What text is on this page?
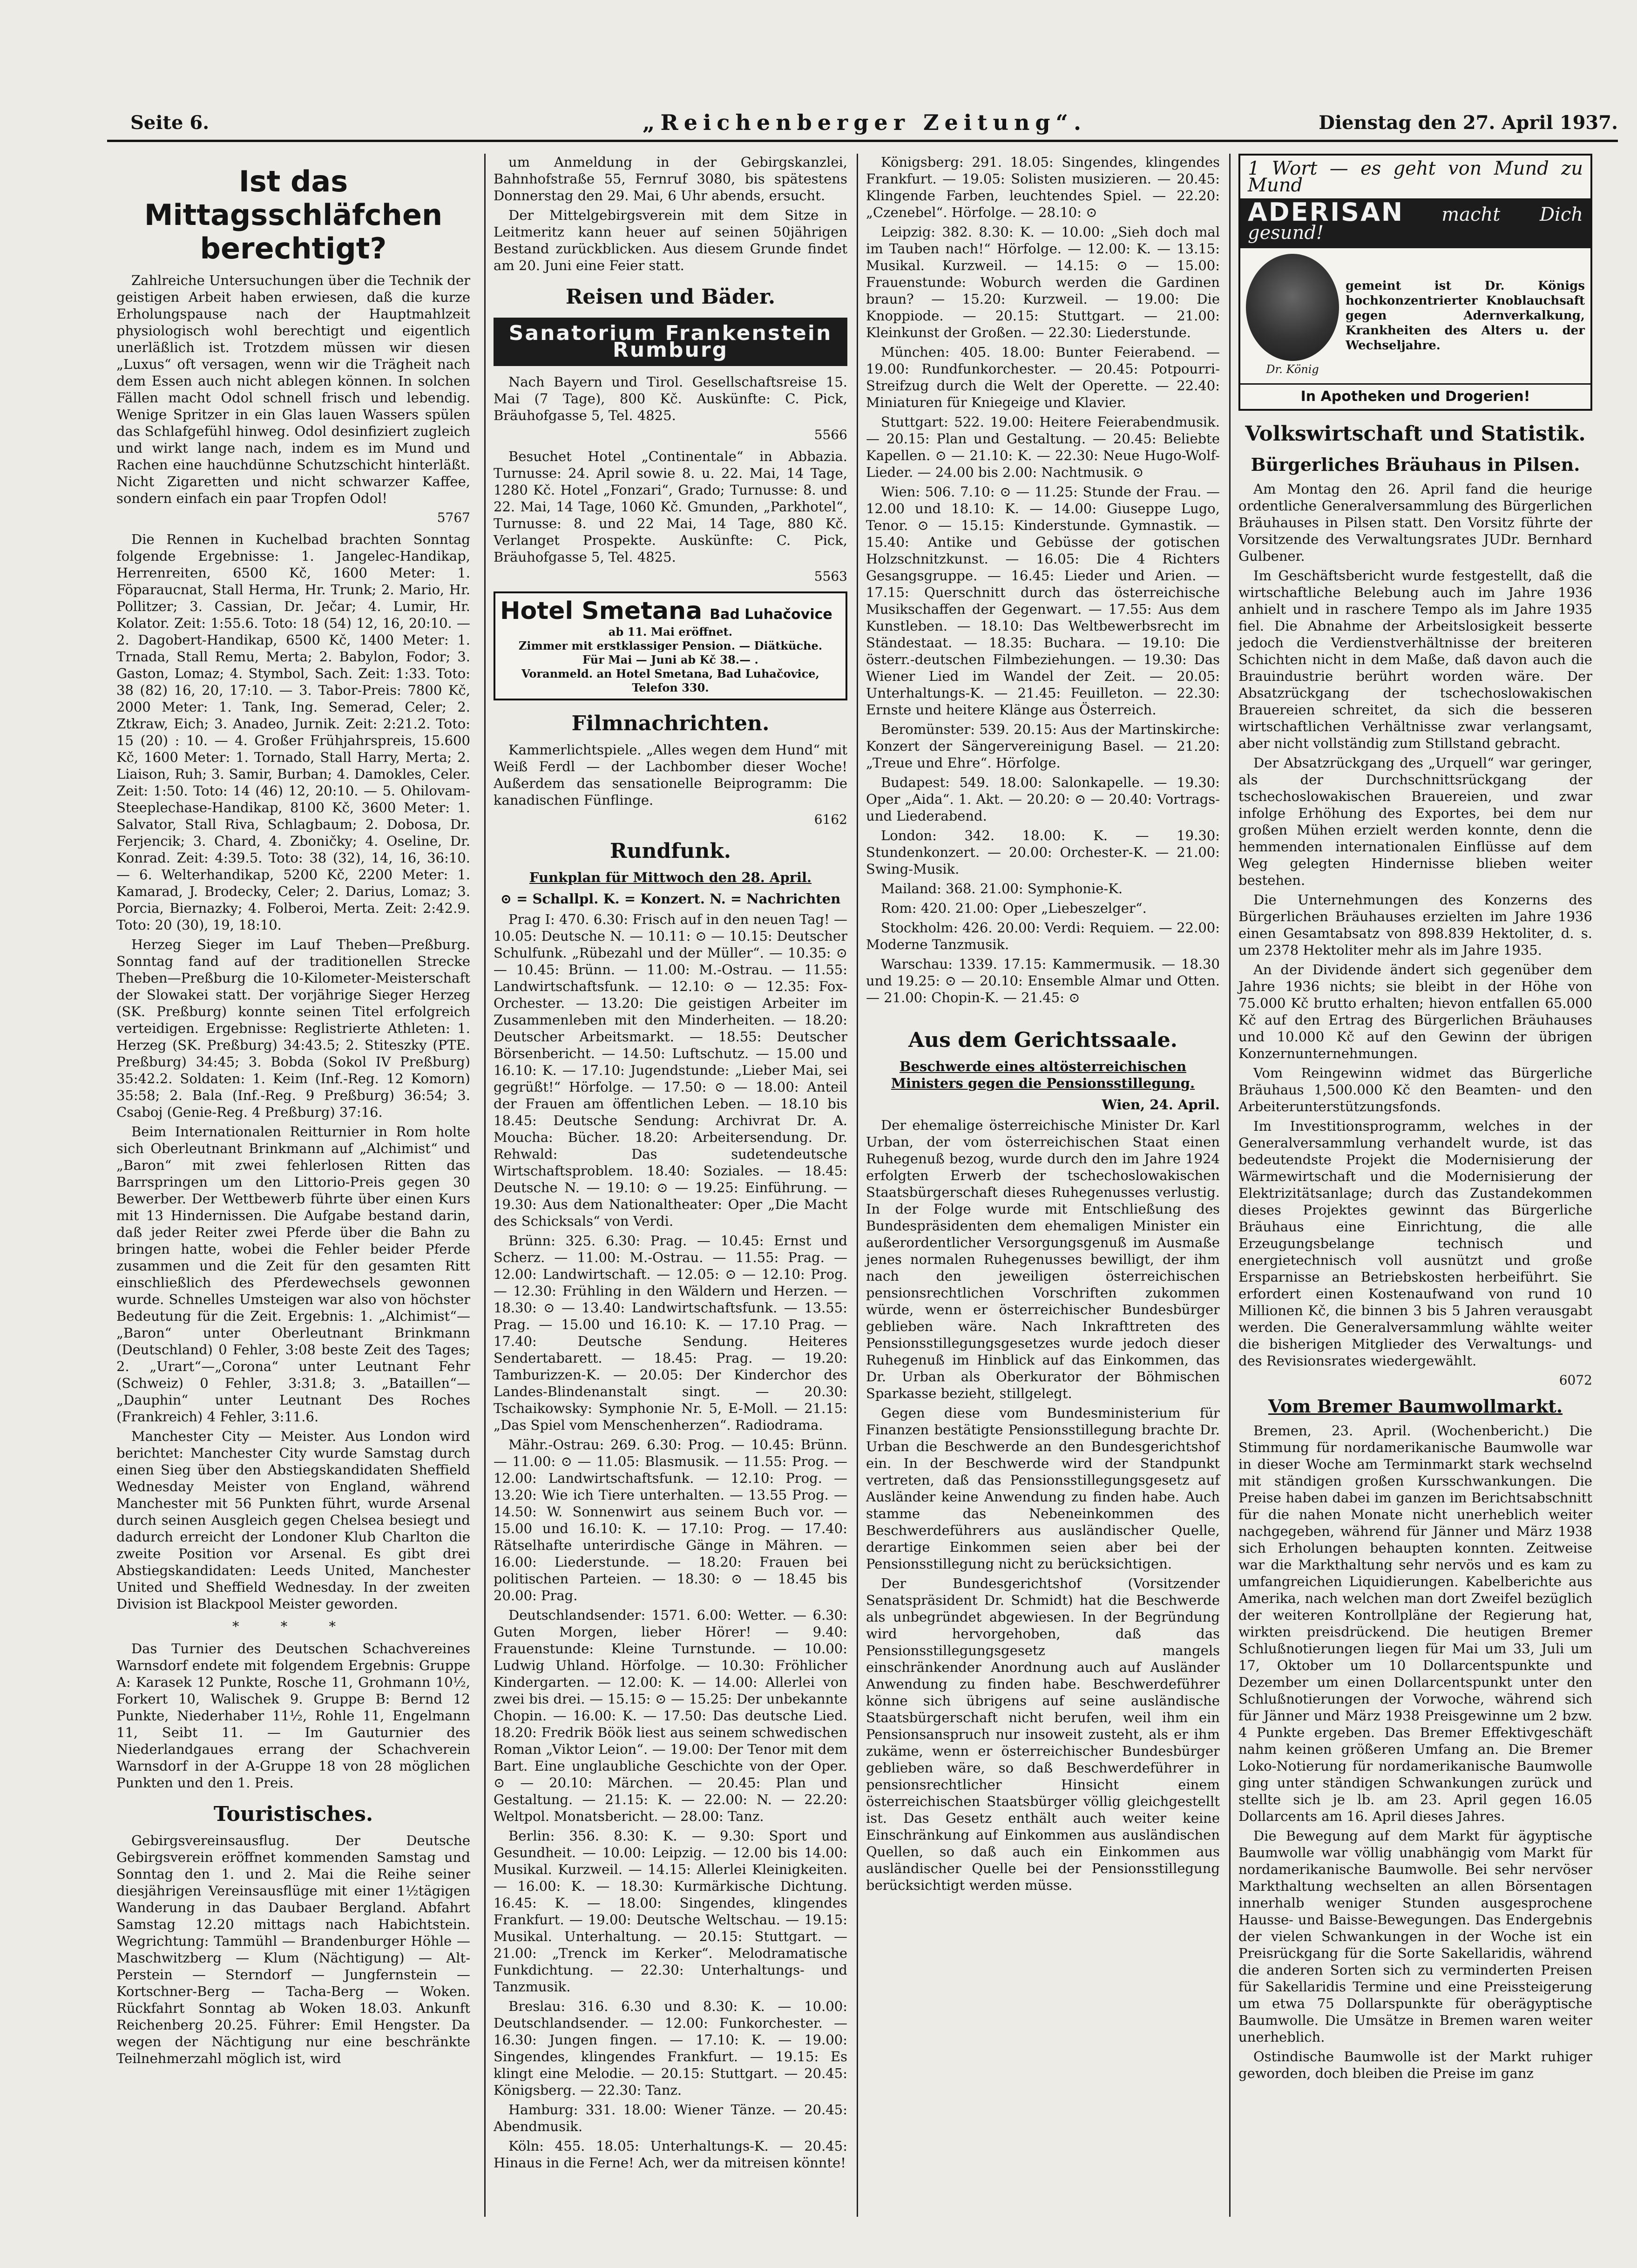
Seite 6.	„Reichenberger Zeitung“.	Dienstag den 27. April 1937.
Ist das Mittagsschläfchen berechtigt?

Zahlreiche Untersuchungen über die Technik der geistigen Arbeit haben erwiesen, daß die kurze Erholungspause nach der Hauptmahlzeit physiologisch wohl berechtigt und eigentlich unerläßlich ist. Trotzdem müssen wir diesen „Luxus“ oft versagen, wenn wir die Trägheit nach dem Essen auch nicht ablegen können. In solchen Fällen macht Odol schnell frisch und lebendig. Wenige Spritzer in ein Glas lauen Wassers spülen das Schlafgefühl hinweg. Odol desinfiziert zugleich und wirkt lange nach, indem es im Mund und Rachen eine hauchdünne Schutzschicht hinterläßt. Nicht Zigaretten und nicht schwarzer Kaffee, sondern einfach ein paar Tropfen Odol!

5767

Die Rennen in Kuchelbad brachten Sonntag folgende Ergebnisse: 1. Jangelec-Handikap, Herrenreiten, 6500 Kč, 1600 Meter: 1. Föparaucnat, Stall Herma, Hr. Trunk; 2. Mario, Hr. Pollitzer; 3. Cassian, Dr. Ječar; 4. Lumir, Hr. Kolator. Zeit: 1:55.6. Toto: 18 (54) 12, 16, 20:10. — 2. Dagobert-Handikap, 6500 Kč, 1400 Meter: 1. Trnada, Stall Remu, Merta; 2. Babylon, Fodor; 3. Gaston, Lomaz; 4. Stymbol, Sach. Zeit: 1:33. Toto: 38 (82) 16, 20, 17:10. — 3. Tabor-Preis: 7800 Kč, 2000 Meter: 1. Tank, Ing. Semerad, Celer; 2. Ztkraw, Eich; 3. Anadeo, Jurnik. Zeit: 2:21.2. Toto: 15 (20) : 10. — 4. Großer Frühjahrspreis, 15.600 Kč, 1600 Meter: 1. Tornado, Stall Harry, Merta; 2. Liaison, Ruh; 3. Samir, Burban; 4. Damokles, Celer. Zeit: 1:50. Toto: 14 (46) 12, 20:10. — 5. Ohilovam-Steeplechase-Handikap, 8100 Kč, 3600 Meter: 1. Salvator, Stall Riva, Schlagbaum; 2. Dobosa, Dr. Ferjencik; 3. Chard, 4. Zboničky; 4. Oseline, Dr. Konrad. Zeit: 4:39.5. Toto: 38 (32), 14, 16, 36:10. — 6. Welterhandikap, 5200 Kč, 2200 Meter: 1. Kamarad, J. Brodecky, Celer; 2. Darius, Lomaz; 3. Porcia, Biernazky; 4. Folberoi, Merta. Zeit: 2:42.9. Toto: 20 (30), 19, 18:10.

Herzeg Sieger im Lauf Theben—Preßburg. Sonntag fand auf der traditionellen Strecke Theben—Preßburg die 10-Kilometer-Meisterschaft der Slowakei statt. Der vorjährige Sieger Herzeg (SK. Preßburg) konnte seinen Titel erfolgreich verteidigen. Ergebnisse: Reglistrierte Athleten: 1. Herzeg (SK. Preßburg) 34:43.5; 2. Stiteszky (PTE. Preßburg) 34:45; 3. Bobda (Sokol IV Preßburg) 35:42.2. Soldaten: 1. Keim (Inf.-Reg. 12 Komorn) 35:58; 2. Bala (Inf.-Reg. 9 Preßburg) 36:54; 3. Csaboj (Genie-Reg. 4 Preßburg) 37:16.

Beim Internationalen Reitturnier in Rom holte sich Oberleutnant Brinkmann auf „Alchimist“ und „Baron“ mit zwei fehlerlosen Ritten das Barrspringen um den Littorio-Preis gegen 30 Bewerber. Der Wettbewerb führte über einen Kurs mit 13 Hindernissen. Die Aufgabe bestand darin, daß jeder Reiter zwei Pferde über die Bahn zu bringen hatte, wobei die Fehler beider Pferde zusammen und die Zeit für den gesamten Ritt einschließlich des Pferdewechsels gewonnen wurde. Schnelles Umsteigen war also von höchster Bedeutung für die Zeit. Ergebnis: 1. „Alchimist“—„Baron“ unter Oberleutnant Brinkmann (Deutschland) 0 Fehler, 3:08 beste Zeit des Tages; 2. „Urart“—„Corona“ unter Leutnant Fehr (Schweiz) 0 Fehler, 3:31.8; 3. „Bataillen“—„Dauphin“ unter Leutnant Des Roches (Frankreich) 4 Fehler, 3:11.6.

Manchester City — Meister. Aus London wird berichtet: Manchester City wurde Samstag durch einen Sieg über den Abstiegskandidaten Sheffield Wednesday Meister von England, während Manchester mit 56 Punkten führt, wurde Arsenal durch seinen Ausgleich gegen Chelsea besiegt und dadurch erreicht der Londoner Klub Charlton die zweite Position vor Arsenal. Es gibt drei Abstiegskandidaten: Leeds United, Manchester United und Sheffield Wednesday. In der zweiten Division ist Blackpool Meister geworden.

* * *

Das Turnier des Deutschen Schachvereines Warnsdorf endete mit folgendem Ergebnis: Gruppe A: Karasek 12 Punkte, Rosche 11, Grohmann 10½, Forkert 10, Walischek 9. Gruppe B: Bernd 12 Punkte, Niederhaber 11½, Rohle 11, Engelmann 11, Seibt 11. — Im Gauturnier des Niederlandgaues errang der Schachverein Warnsdorf in der A-Gruppe 18 von 28 möglichen Punkten und den 1. Preis.

Touristisches.

Gebirgsvereinsausflug. Der Deutsche Gebirgsverein eröffnet kommenden Samstag und Sonntag den 1. und 2. Mai die Reihe seiner diesjährigen Vereinsausflüge mit einer 1½tägigen Wanderung in das Daubaer Bergland. Abfahrt Samstag 12.20 mittags nach Habichtstein. Wegrichtung: Tammühl — Brandenburger Höhle — Maschwitzberg — Klum (Nächtigung) — Alt-Perstein — Sterndorf — Jungfernstein — Kortschner-Berg — Tacha-Berg — Woken. Rückfahrt Sonntag ab Woken 18.03. Ankunft Reichenberg 20.25. Führer: Emil Hengster. Da wegen der Nächtigung nur eine beschränkte Teilnehmerzahl möglich ist, wird

um Anmeldung in der Gebirgskanzlei, Bahnhofstraße 55, Fernruf 3080, bis spätestens Donnerstag den 29. Mai, 6 Uhr abends, ersucht.

Der Mittelgebirgsverein mit dem Sitze in Leitmeritz kann heuer auf seinen 50jährigen Bestand zurückblicken. Aus diesem Grunde findet am 20. Juni eine Feier statt.

Reisen und Bäder.
Sanatorium Frankenstein Rumburg

Nach Bayern und Tirol. Gesellschaftsreise 15. Mai (7 Tage), 800 Kč. Auskünfte: C. Pick, Bräuhofgasse 5, Tel. 4825.

5566

Besuchet Hotel „Continentale“ in Abbazia. Turnusse: 24. April sowie 8. u. 22. Mai, 14 Tage, 1280 Kč. Hotel „Fonzari“, Grado; Turnusse: 8. und 22. Mai, 14 Tage, 1060 Kč. Gmunden, „Parkhotel“, Turnusse: 8. und 22 Mai, 14 Tage, 880 Kč. Verlanget Prospekte. Auskünfte: C. Pick, Bräuhofgasse 5, Tel. 4825.

5563
Hotel Smetana Bad Luhačovice
ab 11. Mai eröffnet.
Zimmer mit erstklassiger Pension. — Diätküche.
Für Mai — Juni ab Kč 38.— .
Voranmeld. an Hotel Smetana, Bad Luhačovice,
Telefon 330.
Filmnachrichten.

Kammerlichtspiele. „Alles wegen dem Hund“ mit Weiß Ferdl — der Lachbomber dieser Woche! Außerdem das sensationelle Beiprogramm: Die kanadischen Fünflinge.

6162
Rundfunk.
Funkplan für Mittwoch den 28. April.
⊙ = Schallpl. K. = Konzert. N. = Nachrichten

Prag I: 470. 6.30: Frisch auf in den neuen Tag! — 10.05: Deutsche N. — 10.11: ⊙ — 10.15: Deutscher Schulfunk. „Rübezahl und der Müller“. — 10.35: ⊙ — 10.45: Brünn. — 11.00: M.-Ostrau. — 11.55: Landwirtschaftsfunk. — 12.10: ⊙ — 12.35: Fox-Orchester. — 13.20: Die geistigen Arbeiter im Zusammenleben mit den Minderheiten. — 18.20: Deutscher Arbeitsmarkt. — 18.55: Deutscher Börsenbericht. — 14.50: Luftschutz. — 15.00 und 16.10: K. — 17.10: Jugendstunde: „Lieber Mai, sei gegrüßt!“ Hörfolge. — 17.50: ⊙ — 18.00: Anteil der Frauen am öffentlichen Leben. — 18.10 bis 18.45: Deutsche Sendung: Archivrat Dr. A. Moucha: Bücher. 18.20: Arbeitersendung. Dr. Rehwald: Das sudetendeutsche Wirtschaftsproblem. 18.40: Soziales. — 18.45: Deutsche N. — 19.10: ⊙ — 19.25: Einführung. — 19.30: Aus dem Nationaltheater: Oper „Die Macht des Schicksals“ von Verdi.

Brünn: 325. 6.30: Prag. — 10.45: Ernst und Scherz. — 11.00: M.-Ostrau. — 11.55: Prag. — 12.00: Landwirtschaft. — 12.05: ⊙ — 12.10: Prog. — 12.30: Frühling in den Wäldern und Herzen. — 18.30: ⊙ — 13.40: Landwirtschaftsfunk. — 13.55: Prag. — 15.00 und 16.10: K. — 17.10 Prag. — 17.40: Deutsche Sendung. Heiteres Sendertabarett. — 18.45: Prag. — 19.20: Tamburizzen-K. — 20.05: Der Kinderchor des Landes-Blindenanstalt singt. — 20.30: Tschaikowsky: Symphonie Nr. 5, E-Moll. — 21.15: „Das Spiel vom Menschenherzen“. Radiodrama.

Mähr.-Ostrau: 269. 6.30: Prog. — 10.45: Brünn. — 11.00: ⊙ — 11.05: Blasmusik. — 11.55: Prog. — 12.00: Landwirtschaftsfunk. — 12.10: Prog. — 13.20: Wie ich Tiere unterhalten. — 13.55 Prog. — 14.50: W. Sonnenwirt aus seinem Buch vor. — 15.00 und 16.10: K. — 17.10: Prog. — 17.40: Rätselhafte unterirdische Gänge in Mähren. — 16.00: Liederstunde. — 18.20: Frauen bei politischen Parteien. — 18.30: ⊙ — 18.45 bis 20.00: Prag.

Deutschlandsender: 1571. 6.00: Wetter. — 6.30: Guten Morgen, lieber Hörer! — 9.40: Frauenstunde: Kleine Turnstunde. — 10.00: Ludwig Uhland. Hörfolge. — 10.30: Fröhlicher Kindergarten. — 12.00: K. — 14.00: Allerlei von zwei bis drei. — 15.15: ⊙ — 15.25: Der unbekannte Chopin. — 16.00: K. — 17.50: Das deutsche Lied. 18.20: Fredrik Böök liest aus seinem schwedischen Roman „Viktor Leion“. — 19.00: Der Tenor mit dem Bart. Eine unglaubliche Geschichte von der Oper. ⊙ — 20.10: Märchen. — 20.45: Plan und Gestaltung. — 21.15: K. — 22.00: N. — 22.20: Weltpol. Monatsbericht. — 28.00: Tanz.

Berlin: 356. 8.30: K. — 9.30: Sport und Gesundheit. — 10.00: Leipzig. — 12.00 bis 14.00: Musikal. Kurzweil. — 14.15: Allerlei Kleinigkeiten. — 16.00: K. — 18.30: Kurmärkische Dichtung. 16.45: K. — 18.00: Singendes, klingendes Frankfurt. — 19.00: Deutsche Weltschau. — 19.15: Musikal. Unterhaltung. — 20.15: Stuttgart. — 21.00: „Trenck im Kerker“. Melodramatische Funkdichtung. — 22.30: Unterhaltungs- und Tanzmusik.

Breslau: 316. 6.30 und 8.30: K. — 10.00: Deutschlandsender. — 12.00: Funkorchester. — 16.30: Jungen fingen. — 17.10: K. — 19.00: Singendes, klingendes Frankfurt. — 19.15: Es klingt eine Melodie. — 20.15: Stuttgart. — 20.45: Königsberg. — 22.30: Tanz.

Hamburg: 331. 18.00: Wiener Tänze. — 20.45: Abendmusik.

Köln: 455. 18.05: Unterhaltungs-K. — 20.45: Hinaus in die Ferne! Ach, wer da mitreisen könnte!

Königsberg: 291. 18.05: Singendes, klingendes Frankfurt. — 19.05: Solisten musizieren. — 20.45: Klingende Farben, leuchtendes Spiel. — 22.20: „Czenebel“. Hörfolge. — 28.10: ⊙

Leipzig: 382. 8.30: K. — 10.00: „Sieh doch mal im Tauben nach!“ Hörfolge. — 12.00: K. — 13.15: Musikal. Kurzweil. — 14.15: ⊙ — 15.00: Frauenstunde: Woburch werden die Gardinen braun? — 15.20: Kurzweil. — 19.00: Die Knoppiode. — 20.15: Stuttgart. — 21.00: Kleinkunst der Großen. — 22.30: Liederstunde.

München: 405. 18.00: Bunter Feierabend. — 19.00: Rundfunkorchester. — 20.45: Potpourri-Streifzug durch die Welt der Operette. — 22.40: Miniaturen für Kniegeige und Klavier.

Stuttgart: 522. 19.00: Heitere Feierabendmusik. — 20.15: Plan und Gestaltung. — 20.45: Beliebte Kapellen. ⊙ — 21.10: K. — 22.30: Neue Hugo-Wolf-Lieder. — 24.00 bis 2.00: Nachtmusik. ⊙

Wien: 506. 7.10: ⊙ — 11.25: Stunde der Frau. — 12.00 und 18.10: K. — 14.00: Giuseppe Lugo, Tenor. ⊙ — 15.15: Kinderstunde. Gymnastik. — 15.40: Antike und Gebüsse der gotischen Holzschnitzkunst. — 16.05: Die 4 Richters Gesangsgruppe. — 16.45: Lieder und Arien. — 17.15: Querschnitt durch das österreichische Musikschaffen der Gegenwart. — 17.55: Aus dem Kunstleben. — 18.10: Das Weltbewerbsrecht im Ständestaat. — 18.35: Buchara. — 19.10: Die österr.-deutschen Filmbeziehungen. — 19.30: Das Wiener Lied im Wandel der Zeit. — 20.05: Unterhaltungs-K. — 21.45: Feuilleton. — 22.30: Ernste und heitere Klänge aus Österreich.

Beromünster: 539. 20.15: Aus der Martinskirche: Konzert der Sängervereinigung Basel. — 21.20: „Treue und Ehre“. Hörfolge.

Budapest: 549. 18.00: Salonkapelle. — 19.30: Oper „Aida“. 1. Akt. — 20.20: ⊙ — 20.40: Vortrags- und Liederabend.

London: 342. 18.00: K. — 19.30: Stundenkonzert. — 20.00: Orchester-K. — 21.00: Swing-Musik.

Mailand: 368. 21.00: Symphonie-K.

Rom: 420. 21.00: Oper „Liebeszelger“.

Stockholm: 426. 20.00: Verdi: Requiem. — 22.00: Moderne Tanzmusik.

Warschau: 1339. 17.15: Kammermusik. — 18.30 und 19.25: ⊙ — 20.10: Ensemble Almar und Otten. — 21.00: Chopin-K. — 21.45: ⊙

Aus dem Gerichtssaale.
Beschwerde eines altösterreichischen Ministers gegen die Pensionsstillegung.
Wien, 24. April.

Der ehemalige österreichische Minister Dr. Karl Urban, der vom österreichischen Staat einen Ruhegenuß bezog, wurde durch den im Jahre 1924 erfolgten Erwerb der tschechoslowakischen Staatsbürgerschaft dieses Ruhegenusses verlustig. In der Folge wurde mit Entschließung des Bundespräsidenten dem ehemaligen Minister ein außerordentlicher Versorgungsgenuß im Ausmaße jenes normalen Ruhegenusses bewilligt, der ihm nach den jeweiligen österreichischen pensionsrechtlichen Vorschriften zukommen würde, wenn er österreichischer Bundesbürger geblieben wäre. Nach Inkrafttreten des Pensionsstillegungsgesetzes wurde jedoch dieser Ruhegenuß im Hinblick auf das Einkommen, das Dr. Urban als Oberkurator der Böhmischen Sparkasse bezieht, stillgelegt.

Gegen diese vom Bundesministerium für Finanzen bestätigte Pensionsstillegung brachte Dr. Urban die Beschwerde an den Bundesgerichtshof ein. In der Beschwerde wird der Standpunkt vertreten, daß das Pensionsstillegungsgesetz auf Ausländer keine Anwendung zu finden habe. Auch stamme das Nebeneinkommen des Beschwerdeführers aus ausländischer Quelle, derartige Einkommen seien aber bei der Pensionsstillegung nicht zu berücksichtigen.

Der Bundesgerichtshof (Vorsitzender Senatspräsident Dr. Schmidt) hat die Beschwerde als unbegründet abgewiesen. In der Begründung wird hervorgehoben, daß das Pensionsstillegungsgesetz mangels einschränkender Anordnung auch auf Ausländer Anwendung zu finden habe. Beschwerdeführer könne sich übrigens auf seine ausländische Staatsbürgerschaft nicht berufen, weil ihm ein Pensionsanspruch nur insoweit zusteht, als er ihm zukäme, wenn er österreichischer Bundesbürger geblieben wäre, so daß Beschwerdeführer in pensionsrechtlicher Hinsicht einem österreichischen Staatsbürger völlig gleichgestellt ist. Das Gesetz enthält auch weiter keine Einschränkung auf Einkommen aus ausländischen Quellen, so daß auch ein Einkommen aus ausländischer Quelle bei der Pensionsstillegung berücksichtigt werden müsse.

1 Wort — es geht von Mund zu Mund
ADERISAN macht Dich gesund!
Dr. König
gemeint ist Dr. Königs hochkonzentrierter Knoblauchsaft gegen Adernverkalkung, Krankheiten des Alters u. der Wechseljahre.
In Apotheken und Drogerien!
Volkswirtschaft und Statistik.
Bürgerliches Bräuhaus in Pilsen.

Am Montag den 26. April fand die heurige ordentliche Generalversammlung des Bürgerlichen Bräuhauses in Pilsen statt. Den Vorsitz führte der Vorsitzende des Verwaltungsrates JUDr. Bernhard Gulbener.

Im Geschäftsbericht wurde festgestellt, daß die wirtschaftliche Belebung auch im Jahre 1936 anhielt und in raschere Tempo als im Jahre 1935 fiel. Die Abnahme der Arbeitslosigkeit besserte jedoch die Verdienstverhältnisse der breiteren Schichten nicht in dem Maße, daß davon auch die Brauindustrie berührt worden wäre. Der Absatzrückgang der tschechoslowakischen Brauereien schreitet, da sich die besseren wirtschaftlichen Verhältnisse zwar verlangsamt, aber nicht vollständig zum Stillstand gebracht.

Der Absatzrückgang des „Urquell“ war geringer, als der Durchschnittsrückgang der tschechoslowakischen Brauereien, und zwar infolge Erhöhung des Exportes, bei dem nur großen Mühen erzielt werden konnte, denn die hemmenden internationalen Einflüsse auf dem Weg gelegten Hindernisse blieben weiter bestehen.

Die Unternehmungen des Konzerns des Bürgerlichen Bräuhauses erzielten im Jahre 1936 einen Gesamtabsatz von 898.839 Hektoliter, d. s. um 2378 Hektoliter mehr als im Jahre 1935.

An der Dividende ändert sich gegenüber dem Jahre 1936 nichts; sie bleibt in der Höhe von 75.000 Kč brutto erhalten; hievon entfallen 65.000 Kč auf den Ertrag des Bürgerlichen Bräuhauses und 10.000 Kč auf den Gewinn der übrigen Konzernunternehmungen.

Vom Reingewinn widmet das Bürgerliche Bräuhaus 1,500.000 Kč den Beamten- und den Arbeiterunterstützungsfonds.

Im Investitionsprogramm, welches in der Generalversammlung verhandelt wurde, ist das bedeutendste Projekt die Modernisierung der Wärmewirtschaft und die Modernisierung der Elektrizitätsanlage; durch das Zustandekommen dieses Projektes gewinnt das Bürgerliche Bräuhaus eine Einrichtung, die alle Erzeugungsbelange technisch und energietechnisch voll ausnützt und große Ersparnisse an Betriebskosten herbeiführt. Sie erfordert einen Kostenaufwand von rund 10 Millionen Kč, die binnen 3 bis 5 Jahren verausgabt werden. Die Generalversammlung wählte weiter die bisherigen Mitglieder des Verwaltungs- und des Revisionsrates wiedergewählt.

6072
Vom Bremer Baumwollmarkt.

Bremen, 23. April. (Wochenbericht.) Die Stimmung für nordamerikanische Baumwolle war in dieser Woche am Terminmarkt stark wechselnd mit ständigen großen Kursschwankungen. Die Preise haben dabei im ganzen im Berichtsabschnitt für die nahen Monate nicht unerheblich weiter nachgegeben, während für Jänner und März 1938 sich Erholungen behaupten konnten. Zeitweise war die Markthaltung sehr nervös und es kam zu umfangreichen Liquidierungen. Kabelberichte aus Amerika, nach welchen man dort Zweifel bezüglich der weiteren Kontrollpläne der Regierung hat, wirkten preisdrückend. Die heutigen Bremer Schlußnotierungen liegen für Mai um 33, Juli um 17, Oktober um 10 Dollarcentspunkte und Dezember um einen Dollarcentspunkt unter den Schlußnotierungen der Vorwoche, während sich für Jänner und März 1938 Preisgewinne um 2 bzw. 4 Punkte ergeben. Das Bremer Effektivgeschäft nahm keinen größeren Umfang an. Die Bremer Loko-Notierung für nordamerikanische Baumwolle ging unter ständigen Schwankungen zurück und stellte sich je lb. am 23. April gegen 16.05 Dollarcents am 16. April dieses Jahres.

Die Bewegung auf dem Markt für ägyptische Baumwolle war völlig unabhängig vom Markt für nordamerikanische Baumwolle. Bei sehr nervöser Markthaltung wechselten an allen Börsentagen innerhalb weniger Stunden ausgesprochene Hausse- und Baisse-Bewegungen. Das Endergebnis der vielen Schwankungen in der Woche ist ein Preisrückgang für die Sorte Sakellaridis, während die anderen Sorten sich zu verminderten Preisen für Sakellaridis Termine und eine Preissteigerung um etwa 75 Dollarspunkte für oberägyptische Baumwolle. Die Umsätze in Bremen waren weiter unerheblich.

Ostindische Baumwolle ist der Markt ruhiger geworden, doch bleiben die Preise im ganz
